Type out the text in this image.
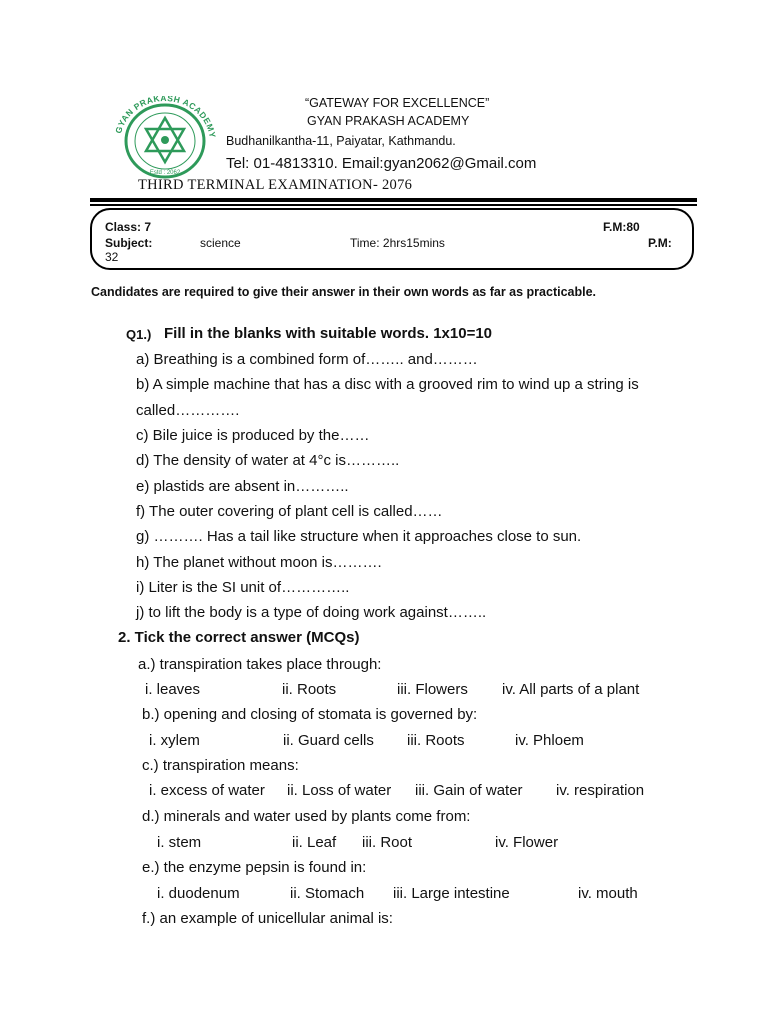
GYAN PRAKASH ACADEMY
Estd : 2062
“GATEWAY FOR EXCELLENCE”
GYAN PRAKASH ACADEMY
Budhanilkantha-11, Paiyatar, Kathmandu.
Tel: 01-4813310. Email:gyan2062@Gmail.com
THIRD TERMINAL EXAMINATION- 2076
Class: 7	F.M:80
Subject:	science	Time: 2hrs15mins	P.M:
32
Candidates are required to give their answer in their own words as far as practicable.
Q1.) Fill in the blanks with suitable words. 1x10=10
a) Breathing is a combined form of…….. and………
b) A simple machine that has a disc with a grooved rim to wind up a string is
called………….
c) Bile juice is produced by the……
d) The density of water at 4°c is………..
e) plastids are absent in………..
f) The outer covering of plant cell is called……
g) ………. Has a tail like structure when it approaches close to sun.
h) The planet without moon is……….
i) Liter is the SI unit of…………..
j) to lift the body is a type of doing work against……..
2. Tick the correct answer (MCQs)
a.) transpiration takes place through:
i. leaves	ii. Roots	iii. Flowers iv. All parts of a plant
b.) opening and closing of stomata is governed by:
i. xylem	ii. Guard cells iii. Roots	iv. Phloem
c.) transpiration means:
i. excess of water ii. Loss of water iii. Gain of water iv. respiration
d.) minerals and water used by plants come from:
i. stem	ii. Leaf iii. Root	iv. Flower
e.) the enzyme pepsin is found in:
i. duodenum	ii. Stomach iii. Large intestine	iv. mouth
f.) an example of unicellular animal is:
